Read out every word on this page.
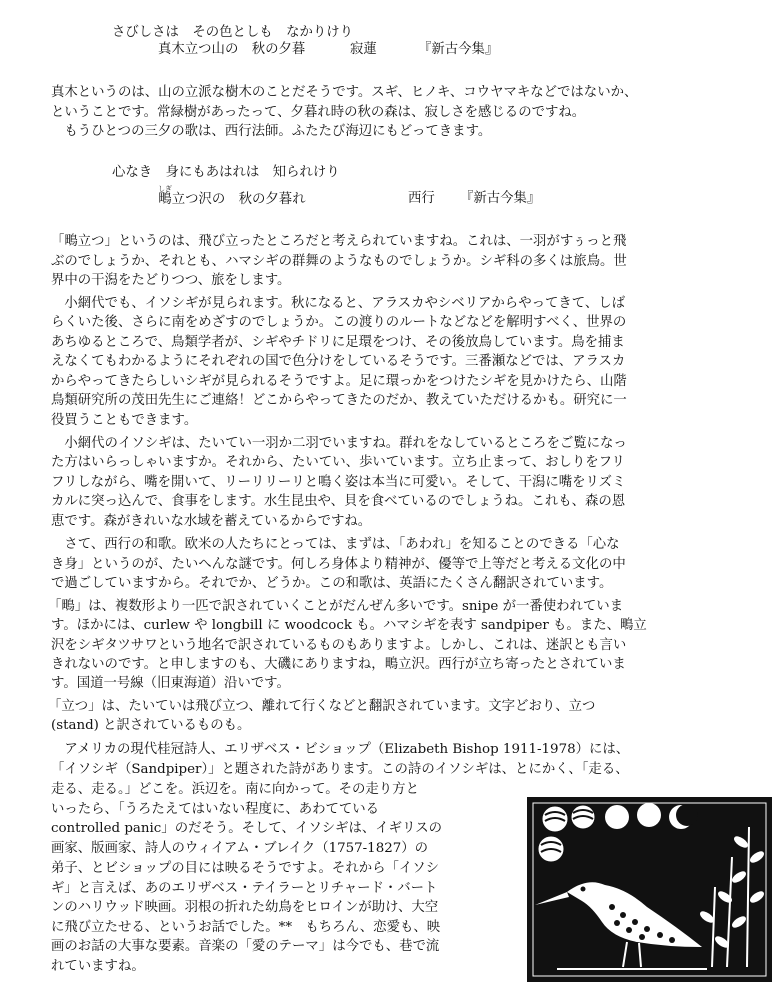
さびしさは　その色としも　なかりけり
真木立つ山の　秋の夕暮	寂蓮	『新古今集』
真木というのは、山の立派な樹木のことだそうです。スギ、ヒノキ、コウヤマキなどではないか、
ということです。常緑樹があったって、夕暮れ時の秋の森は、寂しさを感じるのですね。
　もうひとつの三夕の歌は、西行法師。ふたたび海辺にもどってきます。
心なき　身にもあはれは　知られけり
鴫しぎ立つ沢の　秋の夕暮れ	西行 『新古今集』
「鴫立つ」というのは、飛び立ったところだと考えられていますね。これは、一羽がすぅっと飛
ぶのでしょうか、それとも、ハマシギの群舞のようなものでしょうか。シギ科の多くは旅鳥。世
界中の干潟をたどりつつ、旅をします。
　小網代でも、イソシギが見られます。秋になると、アラスカやシベリアからやってきて、しば
らくいた後、さらに南をめざすのでしょうか。この渡りのルートなどなどを解明すべく、世界の
あちゆるところで、鳥類学者が、シギやチドリに足環をつけ、その後放鳥しています。鳥を捕ま
えなくてもわかるようにそれぞれの国で色分けをしているそうです。三番瀬などでは、アラスカ
からやってきたらしいシギが見られるそうですよ。足に環っかをつけたシギを見かけたら、山階
鳥類研究所の茂田先生にご連絡！どこからやってきたのだか、教えていただけるかも。研究に一
役買うこともできます。
　小網代のイソシギは、たいてい一羽か二羽でいますね。群れをなしているところをご覧になっ
た方はいらっしゃいますか。それから、たいてい、歩いています。立ち止まって、おしりをフリ
フリしながら、嘴を開いて、リーリリーリと鳴く姿は本当に可愛い。そして、干潟に嘴をリズミ
カルに突っ込んで、食事をします。水生昆虫や、貝を食べているのでしょうね。これも、森の恩
恵です。森がきれいな水域を蓄えているからですね。
　さて、西行の和歌。欧米の人たちにとっては、まずは、「あわれ」を知ることのできる「心な
き身」というのが、たいへんな謎です。何しろ身体より精神が、優等で上等だと考える文化の中
で過ごしていますから。それでか、どうか。この和歌は、英語にたくさん翻訳されています。
「鴫」は、複数形より一匹で訳されていくことがだんぜん多いです。snipe が一番使われていま
す。ほかには、curlew や longbill に woodcock も。ハマシギを表す sandpiper も。また、鴫立
沢をシギタツサワという地名で訳されているものもありますよ。しかし、これは、迷訳とも言い
きれないのです。と申しますのも、大磯にありますね，鴫立沢。西行が立ち寄ったとされていま
す。国道一号線（旧東海道）沿いです。
「立つ」は、たいていは飛び立つ、離れて行くなどと翻訳されています。文字どおり、立つ
(stand) と訳されているものも。
　アメリカの現代桂冠詩人、エリザベス・ビショップ（Elizabeth Bishop 1911-1978）には、
「イソシギ（Sandpiper）」と題された詩があります。この詩のイソシギは、とにかく、「走る、
走る、走る。」どこを。浜辺を。南に向かって。その走り方と
いったら、「うろたえてはいない程度に、あわてている
controlled panic」のだそう。そして、イソシギは、イギリスの
画家、版画家、詩人のウィイアム・ブレイク（1757-1827）の
弟子、とビショップの目には映るそうですよ。それから「イソシ
ギ」と言えば、あのエリザベス・テイラーとリチャード・バート
ンのハリウッド映画。羽根の折れた幼鳥をヒロインが助け、大空
に飛び立たせる、というお話でした。**　もちろん、恋愛も、映
画のお話の大事な要素。音楽の「愛のテーマ」は今でも、巷で流
れていますね。
